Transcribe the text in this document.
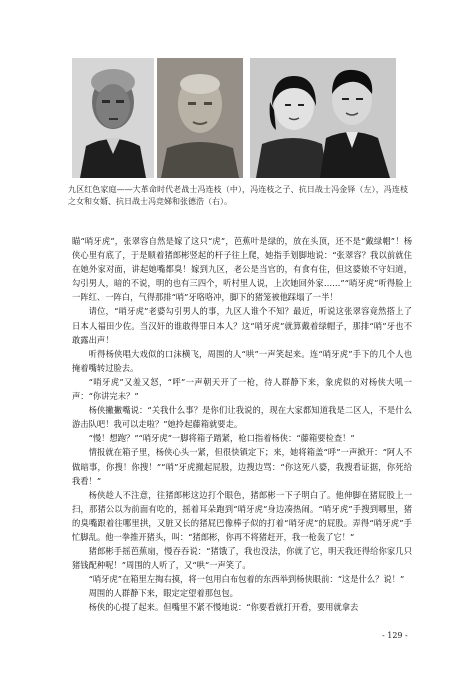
九区红色家庭——大革命时代老战士冯连枝（中），冯连枝之子、抗日战士冯金铎（左），冯连枝之女和女婿、抗日战士冯竞娣和张德浩（右）。

瞄“哨牙虎”，张翠容自然是嫁了这只“虎”，芭蕉叶是绿的，放在头顶，还不是“戴绿帽”！杨侠心里有底了，于是顺着猪郎彬竖起的杆子往上爬，她指手划脚地说：“张翠容？我以前就住在她外家对面，讲起她嘴都臭！嫁到九区，老公是当官的，有食有住，但这婆娘不守妇道，勾引男人，暗的不说，明的也有三四个，听村里人说，上次她回外家……”“哨牙虎”听得脸上一阵红、一阵白，气得那排“哨”牙咯咯冲，脚下的猪笼被他踩塌了一半！

请位，“哨牙虎”老婆勾引男人的事，九区人谁个不知？最近，听说这张翠容竟然搭上了日本人福田少佐。当汉奸的谁敢得罪日本人？这“哨牙虎”就算戴着绿帽子，那排“哨”牙也不敢露出声！

听得杨侠唱大戏似的口沫横飞，周围的人“哄”一声笑起来。连“哨牙虎”手下的几个人也掩着嘴转过脸去。

“哨牙虎”又羞又怒，“呼”一声朝天开了一枪，待人群静下来，象虎似的对杨侠大吼一声：“你讲完未？”

杨侠撇撇嘴说：“关我什么事？是你们让我说的，现在大家都知道我是二区人，不是什么游击队吧！我可以走啦？”她拎起藤箱就要走。

“慢！想跑？”“哨牙虎”一脚将箱子踏紧，枪口指着杨侠：“藤箱要检查！”

情报就在箱子里，杨侠心头一紧，但很快镇定下；来，她将箱盖“呼”一声掀开：“阿人不做暗事，你搜！你搜！”“哨”牙虎搬起屁股，边搜边骂：“你这死八婆，我搜看证据，你死给我看！”

杨侠趁人不注意，往猪郎彬这边打个眼色，猪郎彬一下子明白了。他伸脚在猪屁股上一扫，那猪公以为前面有吃的，摇着耳朵跑到“哨牙虎”身边凑热闹。“哨牙虎”手搜到哪里，猪的臭嘴跟着往哪里拱，又脏又长的猪屁巴像棒子似的打着“哨牙虎”的屁股。弄得“哨牙虎”手忙脚乱。他一拳推开猪头，叫：“猪郎彬，你再不将猪赶开，我一枪轰了它！”

猪郎彬手摇芭蕉扇，慢吞吞说：“猪饿了，我也没法，你就了它，明天我还得给你家几只猪钱配种呢！”周围的人听了，又“哄”一声笑了。

“哨牙虎”在箱里左掏右摸，将一包用白布包着的东西举到杨侠眼前：“这是什么？说！”

周围的人群静下来，眼定定望着那包包。

杨侠的心提了起来。但嘴里不紧不慢地说：“你要看就打开看，要用就拿去

- 129 -
